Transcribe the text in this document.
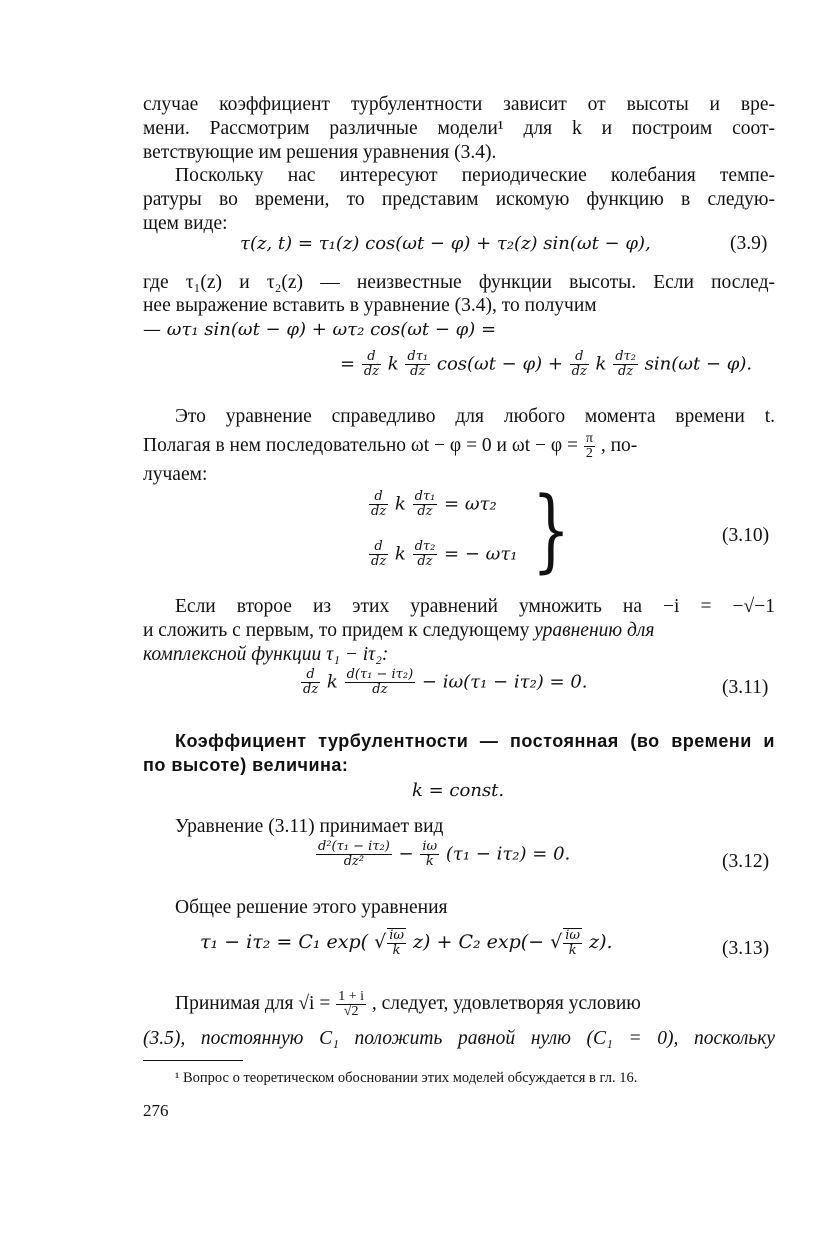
случае коэффициент турбулентности зависит от высоты и вре-
мени. Рассмотрим различные модели¹ для k и построим соот-
ветствующие им решения уравнения (3.4).
Поскольку нас интересуют периодические колебания темпе-
ратуры во времени, то представим искомую функцию в следую-
щем виде:
τ(z, t) = τ₁(z) cos(ωt − φ) + τ₂(z) sin(ωt − φ),	(3.9)
где τ₁(z) и τ₂(z) — неизвестные функции высоты. Если послед-
нее выражение вставить в уравнение (3.4), то получим
— ωτ₁ sin(ωt − φ) + ωτ₂ cos(ωt − φ) =
= $\frac{d}{dz}$ k $\frac{\text{dτ₁}}{dz} \cos(\omega t - \varphi) + \frac{d}{dz}$ k $\frac{\text{dτ₂}}{dz} \sin(\omega t - \varphi)$.
Это уравнение справедливо для любого момента времени t.
Полагая в нем последовательно ωt − φ = 0 и $\omega t - \varphi = \frac{\pi}{2}$ , по-
лучаем:
$\frac{d}{dz}$ k $\frac{\text{dτ₁}}{dz} = \omega\tau_2$
$\frac{d}{dz}$ k $\frac{\text{dτ₂}}{dz}$ = − ωτ₁ }	(3.10)
Если второе из этих уравнений умножить на −i = −√−1
и сложить с первым, то придем к следующему уравнению для
комплексной функции τ₁ − iτ₂:
$\frac{d}{dz}$ k $\frac{\text{d(τ₁ − iτ₂)}}{dz} - i\omega(\tau_1 - i\tau_2) = 0$.	(3.11)
Коэффициент турбулентности — постоянная (во времени и
по высоте) величина:
k = const.
Уравнение (3.11) принимает вид
$\frac{\text{d²(τ₁ − iτ₂)}}{\text{dz²}} - \frac{i\omega}{k} (\tau_1 - i\tau_2) = 0$.	(3.12)
Общее решение этого уравнения
τ₁ − iτ₂ = C₁ exp( √ $\frac{i\omega}{k} z) + C_2$ exp(− √ $\frac{i\omega}{k} z$).	(3.13)
Принимая для $√i = \frac{1 + i}{√2}$ , следует, удовлетворяя условию
(3.5), постоянную C₁ положить равной нулю (C₁ = 0), поскольку
¹ Вопрос о теоретическом обосновании этих моделей обсуждается в гл. 16.
276
